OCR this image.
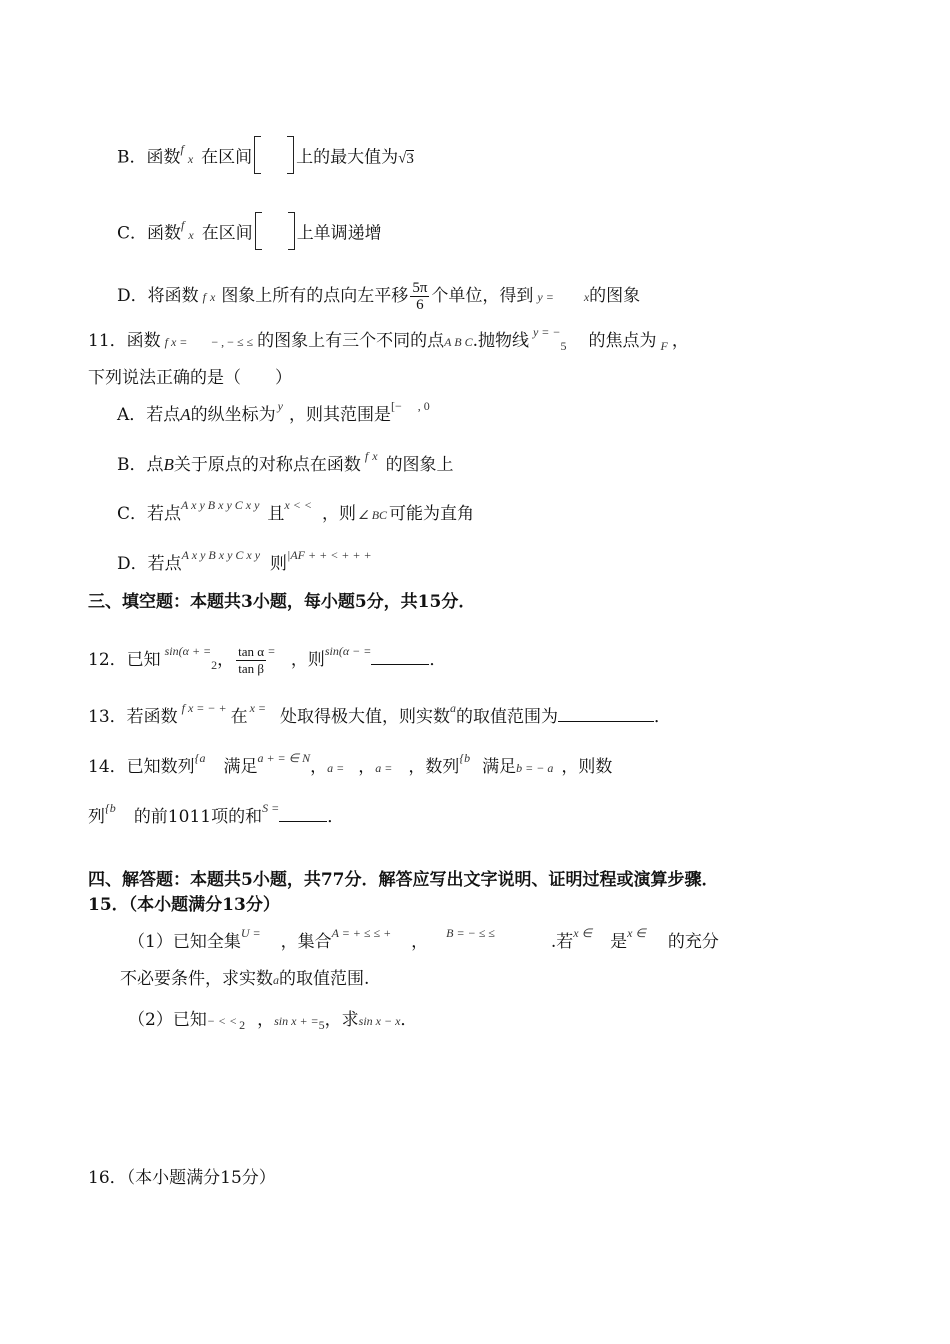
B．函数fx 在区间	上的最大值为√3
C．函数fx 在区间	上单调递增
D．将函数 f x 图象上所有的点向左平移 $\frac{5\pi}{6}$ 个单位，得到 y =	x的图象
11．函数 f x = − , − ≤ ≤ 的图象上有三个不同的点A B C.抛物线 y = −5 的焦点为 F ，
下列说法正确的是（　　）
A．若点A的纵坐标为 y ，则其范围是[− , 0
B．点B关于原点的对称点在函数 f x 的图象上
C．若点A x y B x y C x y 且x < < ，则 ∠ BC 可能为直角
D．若点A x y B x y C x y 则|AF + + < + + +
三、填空题：本题共3小题，每小题5分，共15分．
12．已知 sin(α + =2， $\frac{\text{tan α}}{\text{tan β}}$ = ，则sin(α − =	．
13．若函数 f x = − + 在 x = 处取得极大值，则实数a的取值范围为	．
14．已知数列{a 满足a + = ∈ N，a = ，a = ，数列{b 满足b = − a ，则数
列{b 的前1011项的和S =	．
四、解答题：本题共5小题，共77分．解答应写出文字说明、证明过程或演算步骤．
15．（本小题满分13分）
（1）已知全集U = ，集合A = + ≤ ≤ + ， B = − ≤ ≤	.若x ∈ 是x ∈ 的充分
不必要条件，求实数a的取值范围.
（2）已知− < < 2 ，sin x + =5，求sin x − x．
16．（本小题满分15分）
